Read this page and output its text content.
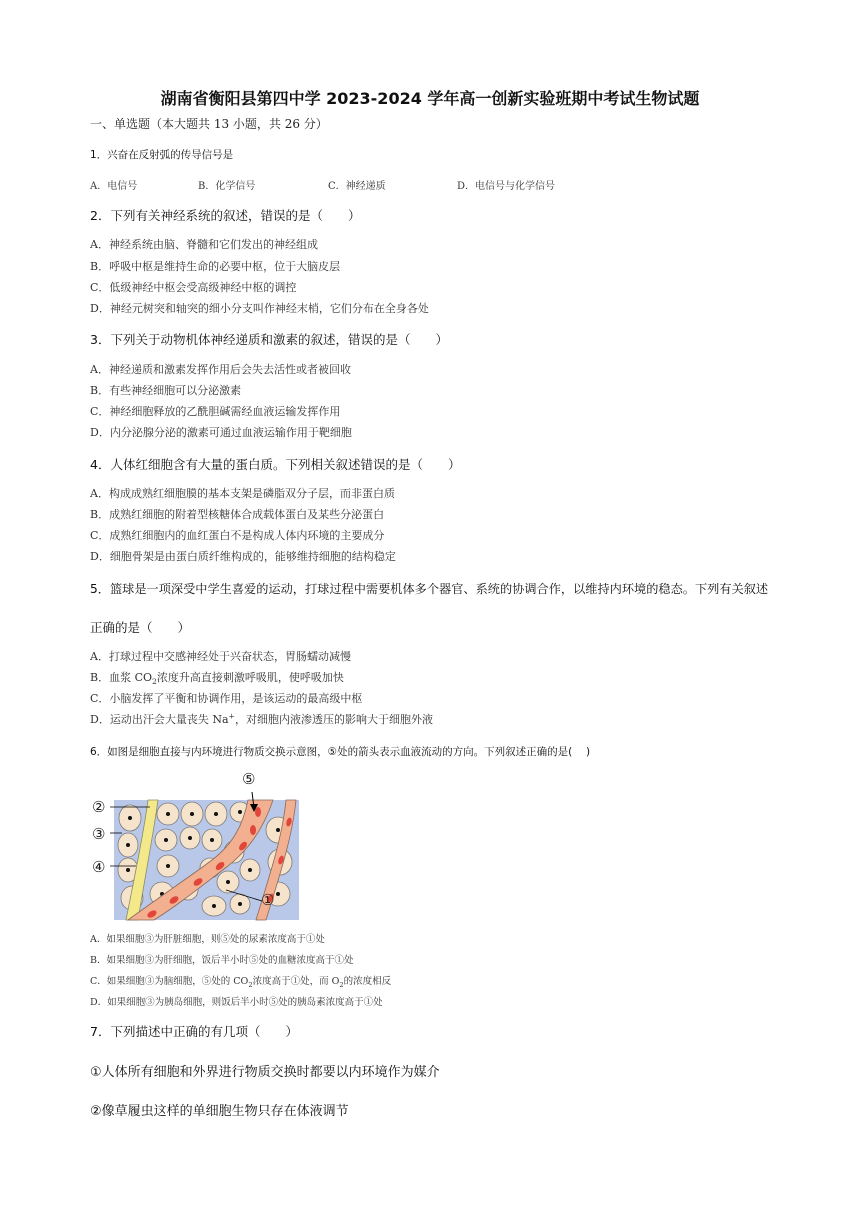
湖南省衡阳县第四中学 2023-2024 学年高一创新实验班期中考试生物试题
一、单选题（本大题共 13 小题，共 26 分）
1．兴奋在反射弧的传导信号是
A．电信号	B．化学信号	C．神经递质	D．电信号与化学信号
2．下列有关神经系统的叙述，错误的是（　　）
A．神经系统由脑、脊髓和它们发出的神经组成
B．呼吸中枢是维持生命的必要中枢，位于大脑皮层
C．低级神经中枢会受高级神经中枢的调控
D．神经元树突和轴突的细小分支叫作神经末梢，它们分布在全身各处
3．下列关于动物机体神经递质和激素的叙述，错误的是（　　）
A．神经递质和激素发挥作用后会失去活性或者被回收
B．有些神经细胞可以分泌激素
C．神经细胞释放的乙酰胆碱需经血液运输发挥作用
D．内分泌腺分泌的激素可通过血液运输作用于靶细胞
4．人体红细胞含有大量的蛋白质。下列相关叙述错误的是（　　）
A．构成成熟红细胞膜的基本支架是磷脂双分子层，而非蛋白质
B．成熟红细胞的附着型核糖体合成载体蛋白及某些分泌蛋白
C．成熟红细胞内的血红蛋白不是构成人体内环境的主要成分
D．细胞骨架是由蛋白质纤维构成的，能够维持细胞的结构稳定
5．篮球是一项深受中学生喜爱的运动，打球过程中需要机体多个器官、系统的协调合作，以维持内环境的稳态。下列有关叙述
正确的是（　　）
A．打球过程中交感神经处于兴奋状态，胃肠蠕动减慢
B．血浆 $CO_2$浓度升高直接刺激呼吸肌，使呼吸加快
C．小脑发挥了平衡和协调作用，是该运动的最高级中枢
D．运动出汗会大量丧失 Na+，对细胞内液渗透压的影响大于细胞外液
6．如图是细胞直接与内环境进行物质交换示意图，⑤处的箭头表示血液流动的方向。下列叙述正确的是(　 )
⑤
②
③
④
①
A．如果细胞③为肝脏细胞，则⑤处的尿素浓度高于①处
B．如果细胞③为肝细胞，饭后半小时⑤处的血糖浓度高于①处
C．如果细胞③为脑细胞，⑤处的 $CO_2$浓度高于①处，而 $O_2$的浓度相反
D．如果细胞③为胰岛细胞，则饭后半小时⑤处的胰岛素浓度高于①处
7．下列描述中正确的有几项（　　）
①人体所有细胞和外界进行物质交换时都要以内环境作为媒介
②像草履虫这样的单细胞生物只存在体液调节
